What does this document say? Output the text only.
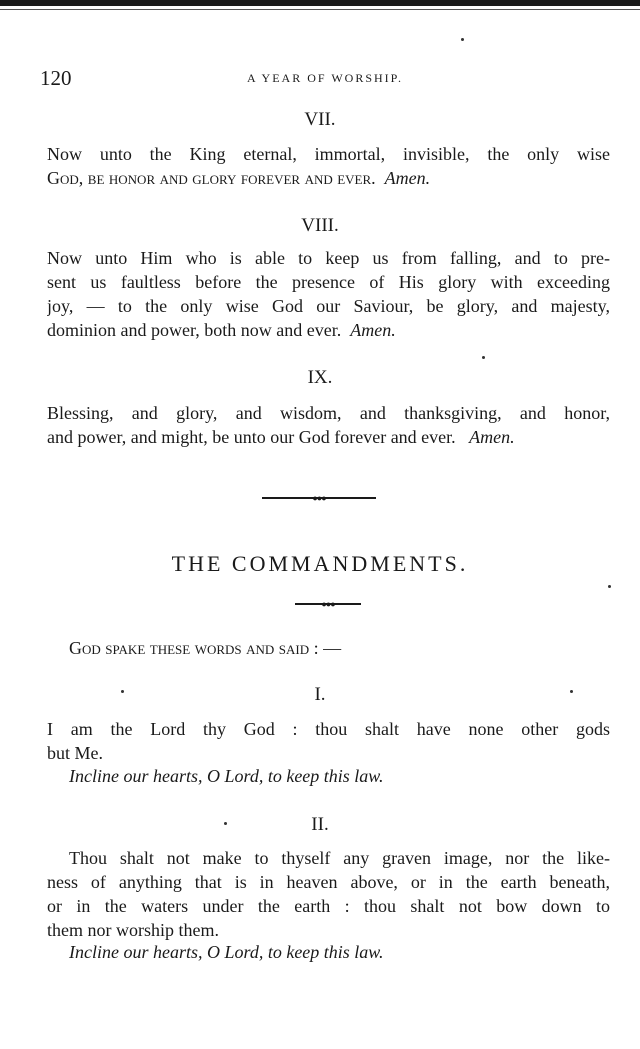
120	A YEAR OF WORSHIP.
VII.
Now unto the King eternal, immortal, invisible, the only wise
God, be honor and glory forever and ever. Amen.
VIII.
Now unto Him who is able to keep us from falling, and to pre-
sent us faultless before the presence of His glory with exceeding
joy, — to the only wise God our Saviour, be glory, and majesty,
dominion and power, both now and ever. Amen.
IX.
Blessing, and glory, and wisdom, and thanksgiving, and honor,
and power, and might, be unto our God forever and ever. Amen.
●●●
THE COMMANDMENTS.
●●●
God spake these words and said : —
I.
I am the Lord thy God : thou shalt have none other gods
but Me.
Incline our hearts, O Lord, to keep this law.
II.
Thou shalt not make to thyself any graven image, nor the like-
ness of anything that is in heaven above, or in the earth beneath,
or in the waters under the earth : thou shalt not bow down to
them nor worship them.
Incline our hearts, O Lord, to keep this law.
